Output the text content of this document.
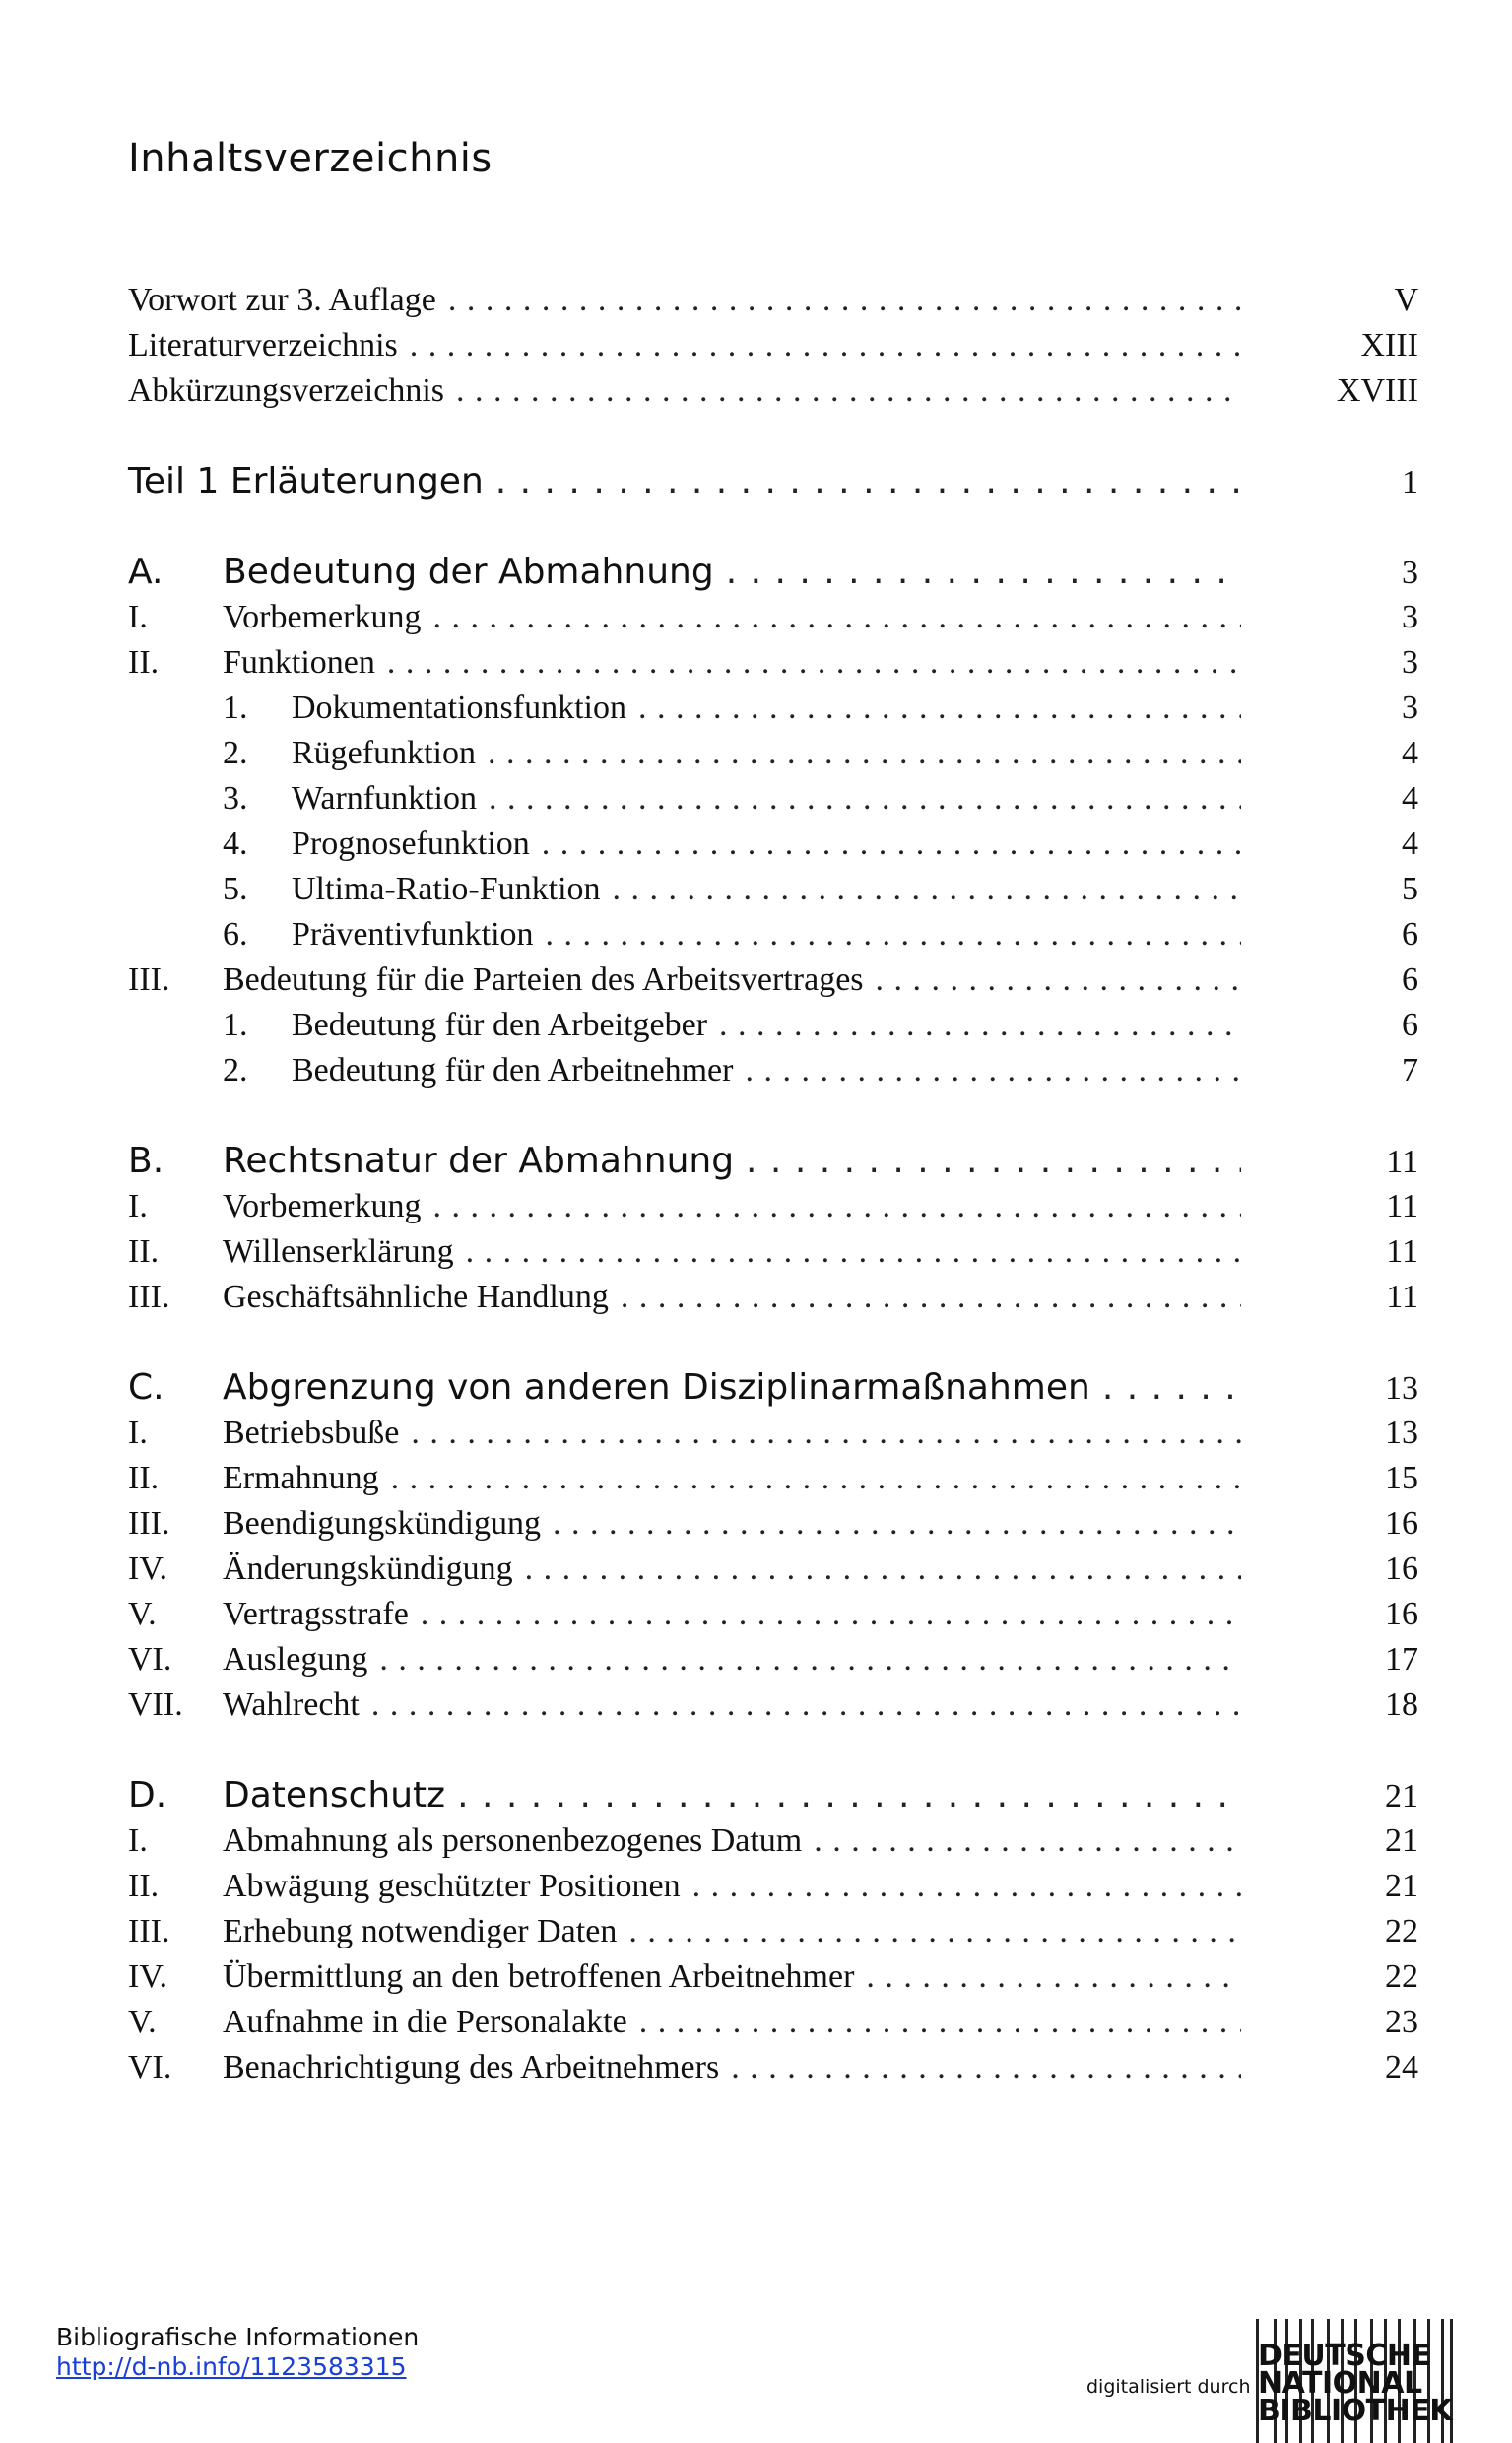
Inhaltsverzeichnis
Vorwort zur 3. Auflage . . .	V
Literaturverzeichnis . . .	XIII
Abkürzungsverzeichnis . . .	XVIII
Teil 1 Erläuterungen . . .	1
A.	Bedeutung der Abmahnung . . .	3
I.	Vorbemerkung . . .	3
II.	Funktionen . . .	3
1.	Dokumentationsfunktion . . .	3
2.	Rügefunktion . . .	4
3.	Warnfunktion . . .	4
4.	Prognosefunktion . . .	4
5.	Ultima-Ratio-Funktion . . .	5
6.	Präventivfunktion . . .	6
III.	Bedeutung für die Parteien des Arbeitsvertrages . . .	6
1.	Bedeutung für den Arbeitgeber . . .	6
2.	Bedeutung für den Arbeitnehmer . . .	7
B.	Rechtsnatur der Abmahnung . . .	11
I.	Vorbemerkung . . .	11
II.	Willenserklärung . . .	11
III.	Geschäftsähnliche Handlung . . .	11
C.	Abgrenzung von anderen Disziplinarmaßnahmen . . .	13
I.	Betriebsbuße . . .	13
II.	Ermahnung . . .	15
III.	Beendigungskündigung . . .	16
IV.	Änderungskündigung . . .	16
V.	Vertragsstrafe . . .	16
VI.	Auslegung . . .	17
VII.	Wahlrecht . . .	18
D.	Datenschutz . . .	21
I.	Abmahnung als personenbezogenes Datum . . .	21
II.	Abwägung geschützter Positionen . . .	21
III.	Erhebung notwendiger Daten . . .	22
IV.	Übermittlung an den betroffenen Arbeitnehmer . . .	22
V.	Aufnahme in die Personalakte . . .	23
VI.	Benachrichtigung des Arbeitnehmers . . .	24
Bibliografische Informationen
http://d-nb.info/1123583315
digitalisiert durch
DEUTSCHE
NATIONAL
BIBLIOTHEK
